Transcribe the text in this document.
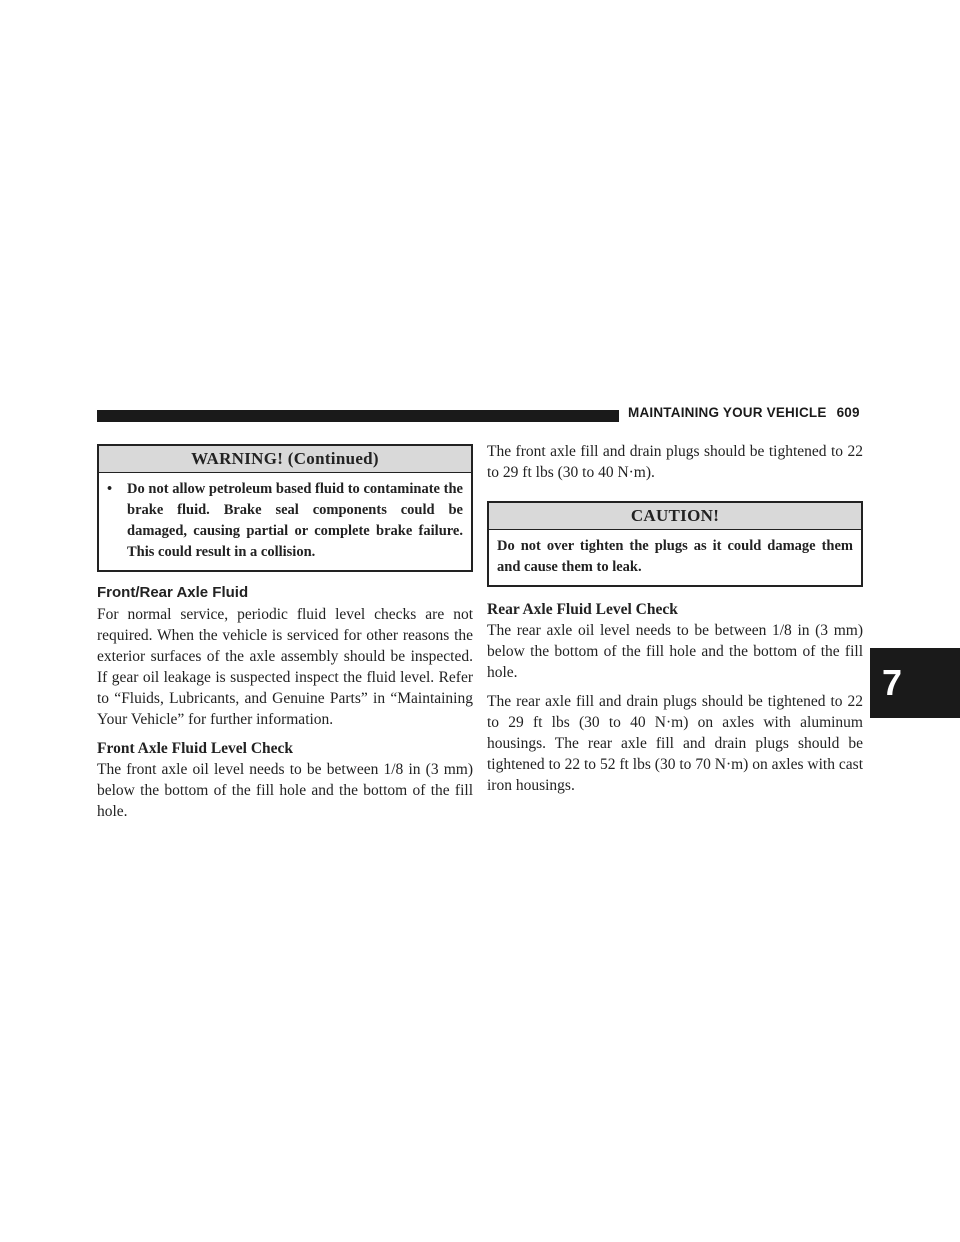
MAINTAINING YOUR VEHICLE 609
7
WARNING! (Continued)
•	Do not allow petroleum based fluid to contaminate the brake fluid. Brake seal components could be damaged, causing partial or complete brake failure. This could result in a collision.
Front/Rear Axle Fluid

For normal service, periodic fluid level checks are not required. When the vehicle is serviced for other reasons the exterior surfaces of the axle assembly should be inspected. If gear oil leakage is suspected inspect the fluid level. Refer to “Fluids, Lubricants, and Genuine Parts” in “Maintaining Your Vehicle” for further information.

Front Axle Fluid Level Check

The front axle oil level needs to be between 1/8 in (3 mm) below the bottom of the fill hole and the bottom of the fill hole.

The front axle fill and drain plugs should be tightened to 22 to 29 ft lbs (30 to 40 N·m).

CAUTION!
Do not over tighten the plugs as it could damage them and cause them to leak.
Rear Axle Fluid Level Check

The rear axle oil level needs to be between 1/8 in (3 mm) below the bottom of the fill hole and the bottom of the fill hole.

The rear axle fill and drain plugs should be tightened to 22 to 29 ft lbs (30 to 40 N·m) on axles with aluminum housings. The rear axle fill and drain plugs should be tightened to 22 to 52 ft lbs (30 to 70 N·m) on axles with cast iron housings.
